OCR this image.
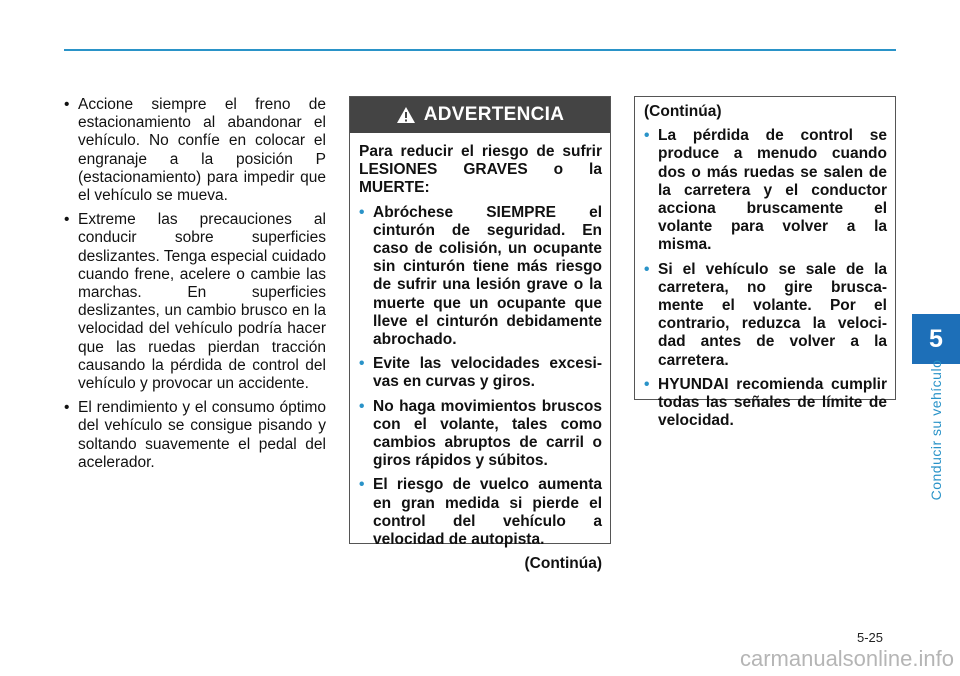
• Accione siempre el freno de estacionamiento al abandonar el vehículo. No confíe en colocar el engranaje a la posición P (estacionamiento) para impedir que el vehículo se mueva.
• Extreme las precauciones al conducir sobre superficies deslizantes. Tenga especial cuidado cuando frene, acelere o cambie las marchas. En superficies deslizantes, un cambio brusco en la velocidad del vehículo podría hacer que las ruedas pierdan tracción causando la pérdida de control del vehículo y provocar un accidente.
• El rendimiento y el consumo óptimo del vehículo se consigue pisando y soltando suavemente el pedal del acelerador.
ADVERTENCIA
Para reducir el riesgo de sufrir LESIONES GRAVES o la MUERTE:
• Abróchese SIEMPRE el cinturón de seguridad. En caso de colisión, un ocupante sin cinturón tiene más riesgo de sufrir una lesión grave o la muerte que un ocupante que lleve el cinturón debidamente abrochado.
• Evite las velocidades excesi-vas en curvas y giros.
• No haga movimientos bruscos con el volante, tales como cambios abruptos de carril o giros rápidos y súbitos.
• El riesgo de vuelco aumenta en gran medida si pierde el control del vehículo a velocidad de autopista.
(Continúa)
(Continúa)
• La pérdida de control se produce a menudo cuando dos o más ruedas se salen de la carretera y el conductor acciona bruscamente el volante para volver a la misma.
• Si el vehículo se sale de la carretera, no gire brusca-mente el volante. Por el contrario, reduzca la veloci-dad antes de volver a la carretera.
• HYUNDAI recomienda cumplir todas las señales de límite de velocidad.
5
Conducir su vehículo
5-25
carmanualsonline.info
